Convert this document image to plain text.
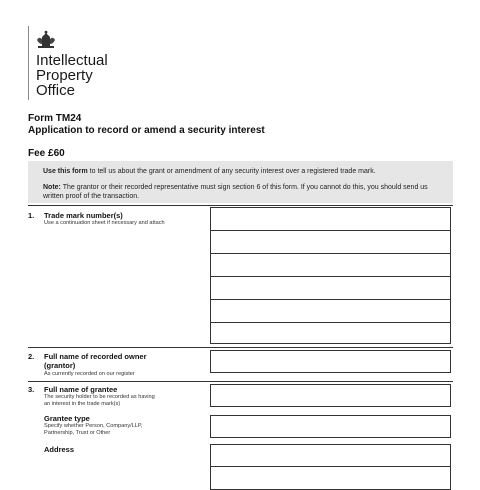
Intellectual
Property
Office
Form TM24
Application to record or amend a security interest
Fee £60

Use this form to tell us about the grant or amendment of any security interest over a registered trade mark.

Note: The grantor or their recorded representative must sign section 6 of this form. If you cannot do this, you should send us written proof of the transaction.

1. Trade mark number(s)
Use a continuation sheet if necessary and attach
2. Full name of recorded owner (grantor)
As currently recorded on our register
3. Full name of grantee
The security holder to be recorded as having an interest in the trade mark(s)
Grantee type
Specify whether Person, Company/LLP, Partnership, Trust or Other
Address
